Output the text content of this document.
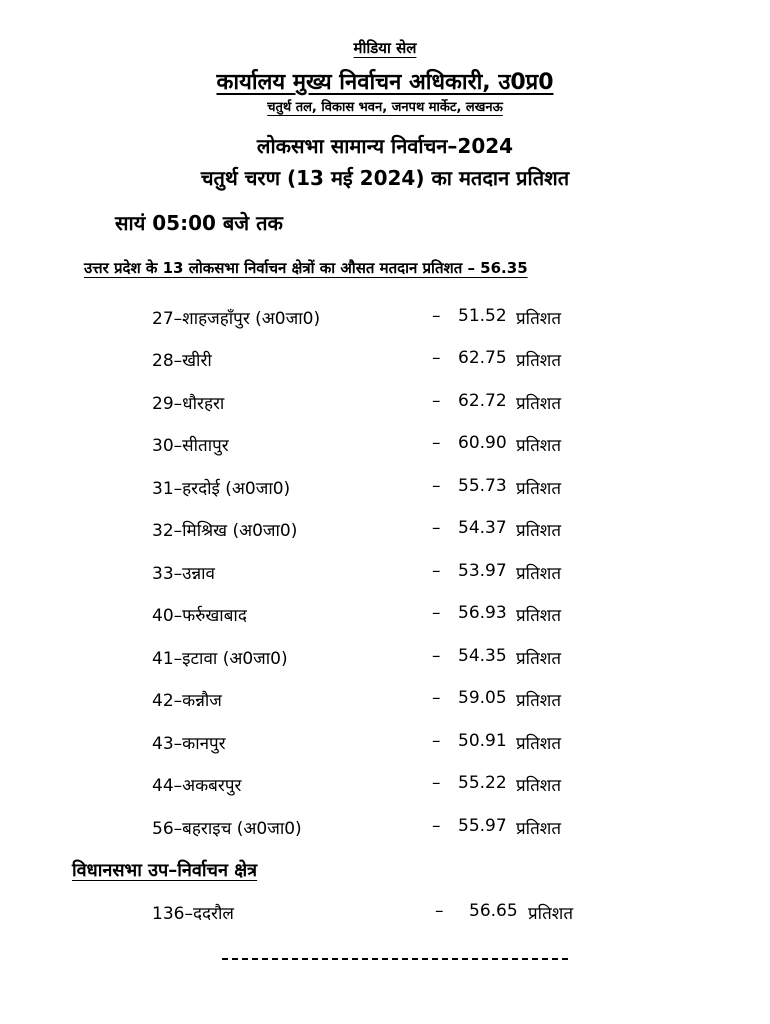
मीडिया सेल
कार्यालय मुख्य निर्वाचन अधिकारी, उ0प्र0
चतुर्थ तल, विकास भवन, जनपथ मार्केट, लखनऊ
लोकसभा सामान्य निर्वाचन–2024
चतुर्थ चरण (13 मई 2024) का मतदान प्रतिशत
सायं 05:00 बजे तक
उत्तर प्रदेश के 13 लोकसभा निर्वाचन क्षेत्रों का औसत मतदान प्रतिशत – 56.35
27–शाहजहाँपुर (अ0जा0)	– 51.52 प्रतिशत
28–खीरी	– 62.75 प्रतिशत
29–धौरहरा	– 62.72 प्रतिशत
30–सीतापुर	– 60.90 प्रतिशत
31–हरदोई (अ0जा0)	– 55.73 प्रतिशत
32–मिश्रिख (अ0जा0)	– 54.37 प्रतिशत
33–उन्नाव	– 53.97 प्रतिशत
40–फर्रुखाबाद	– 56.93 प्रतिशत
41–इटावा (अ0जा0)	– 54.35 प्रतिशत
42–कन्नौज	– 59.05 प्रतिशत
43–कानपुर	– 50.91 प्रतिशत
44–अकबरपुर	– 55.22 प्रतिशत
56–बहराइच (अ0जा0)	– 55.97 प्रतिशत
विधानसभा उप–निर्वाचन क्षेत्र
136–ददरौल	– 56.65 प्रतिशत
